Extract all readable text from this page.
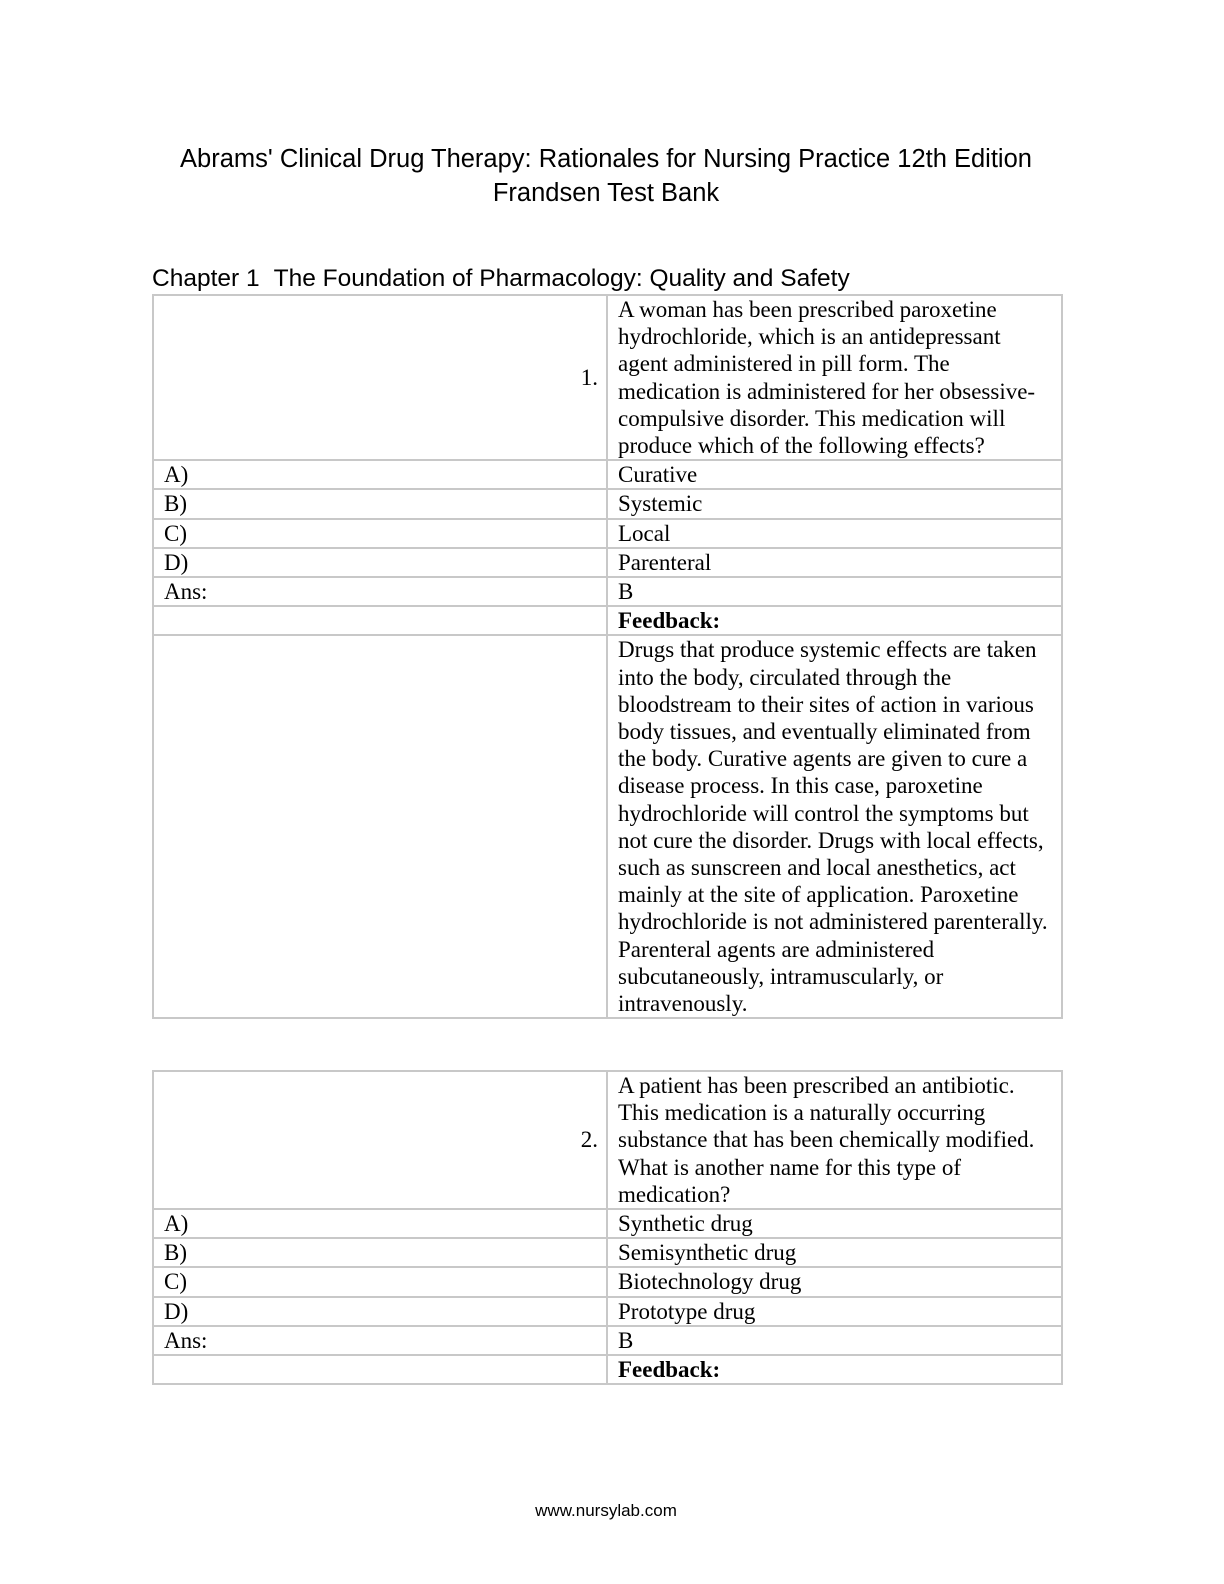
Abrams' Clinical Drug Therapy: Rationales for Nursing Practice 12th Edition
Frandsen Test Bank
Chapter 1 The Foundation of Pharmacology: Quality and Safety
1.	A woman has been prescribed paroxetine hydrochloride, which is an antidepressant agent administered in pill form. The medication is administered for her obsessive-compulsive disorder. This medication will produce which of the following effects?
A)	Curative
B)	Systemic
C)	Local
D)	Parenteral
Ans:	B
	Feedback:
	Drugs that produce systemic effects are taken into the body, circulated through the bloodstream to their sites of action in various body tissues, and eventually eliminated from the body. Curative agents are given to cure a disease process. In this case, paroxetine hydrochloride will control the symptoms but not cure the disorder. Drugs with local effects, such as sunscreen and local anesthetics, act mainly at the site of application. Paroxetine hydrochloride is not administered parenterally. Parenteral agents are administered subcutaneously, intramuscularly, or intravenously.
2.	A patient has been prescribed an antibiotic. This medication is a naturally occurring substance that has been chemically modified. What is another name for this type of medication?
A)	Synthetic drug
B)	Semisynthetic drug
C)	Biotechnology drug
D)	Prototype drug
Ans:	B
	Feedback:
www.nursylab.com
